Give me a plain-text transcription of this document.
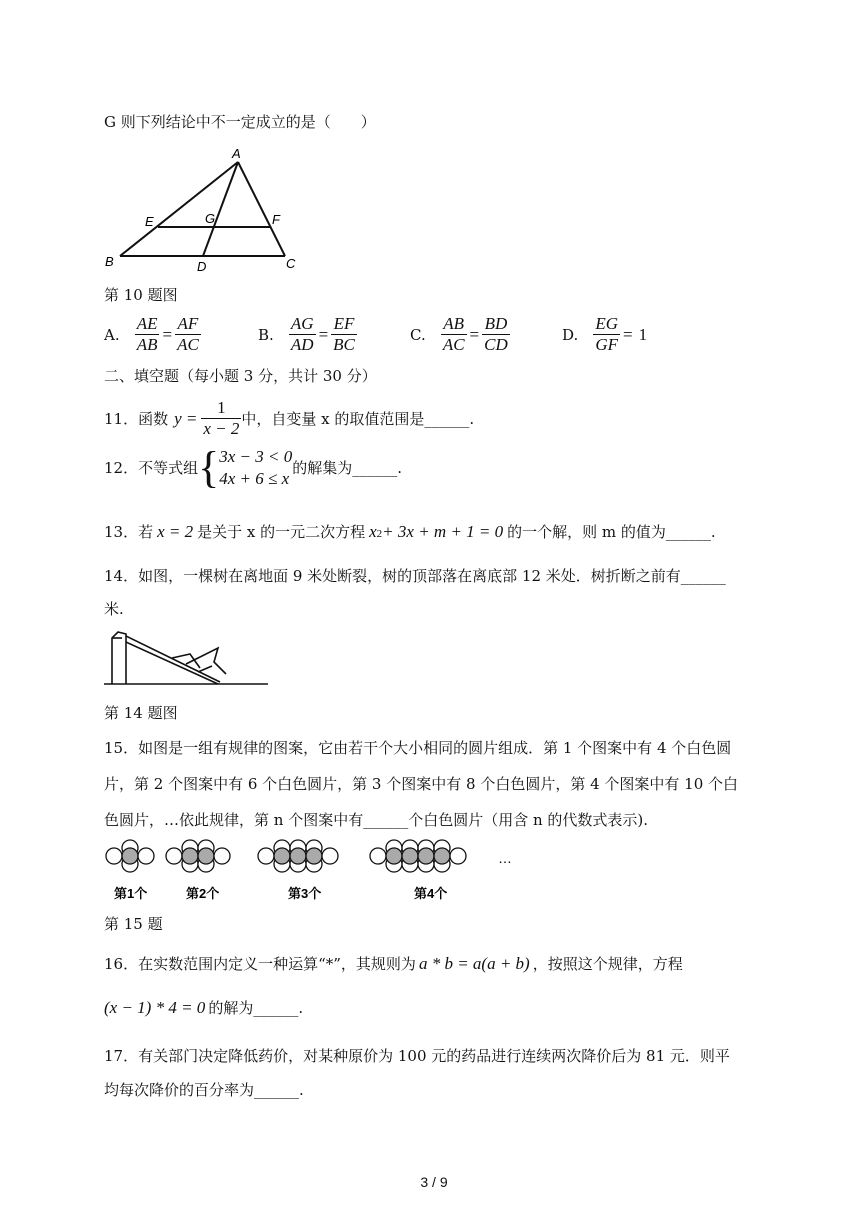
G 则下列结论中不一定成立的是（　　）
A
B	C
D
E	F
G
第 10 题图
A. $\frac{AE}{AB} = \frac{AF}{AC}$	B. $\frac{AG}{AD} = \frac{EF}{BC}$	C. $\frac{AB}{AC} = \frac{BD}{CD}$	D. $\frac{EG}{GF} = 1$
二、填空题（每小题 3 分，共计 30 分）
11．函数 $y = \frac{1}{x - 2}$ 中，自变量 x 的取值范围是______.
12．不等式组 { 3x − 3 < 0
4x + 6 ≤ x
的解集为______.
13．若 x = 2 是关于 x 的一元二次方程 x 2 + 3x + m + 1 = 0 的一个解，则 m 的值为______.
14．如图，一棵树在离地面 9 米处断裂，树的顶部落在离底部 12 米处．树折断之前有______
米.
第 14 题图
15．如图是一组有规律的图案，它由若干个大小相同的圆片组成．第 1 个图案中有 4 个白色圆
片，第 2 个图案中有 6 个白色圆片，第 3 个图案中有 8 个白色圆片，第 4 个图案中有 10 个白
色圆片，…依此规律，第 n 个图案中有______个白色圆片（用含 n 的代数式表示).
…
第1个	第2个	第3个	第4个
第 15 题
16．在实数范围内定义一种运算“*”，其规则为 a * b = a(a + b) ，按照这个规律，方程
(x − 1) * 4 = 0 的解为______.
17．有关部门决定降低药价，对某种原价为 100 元的药品进行连续两次降价后为 81 元．则平
均每次降价的百分率为______.
3 / 9
